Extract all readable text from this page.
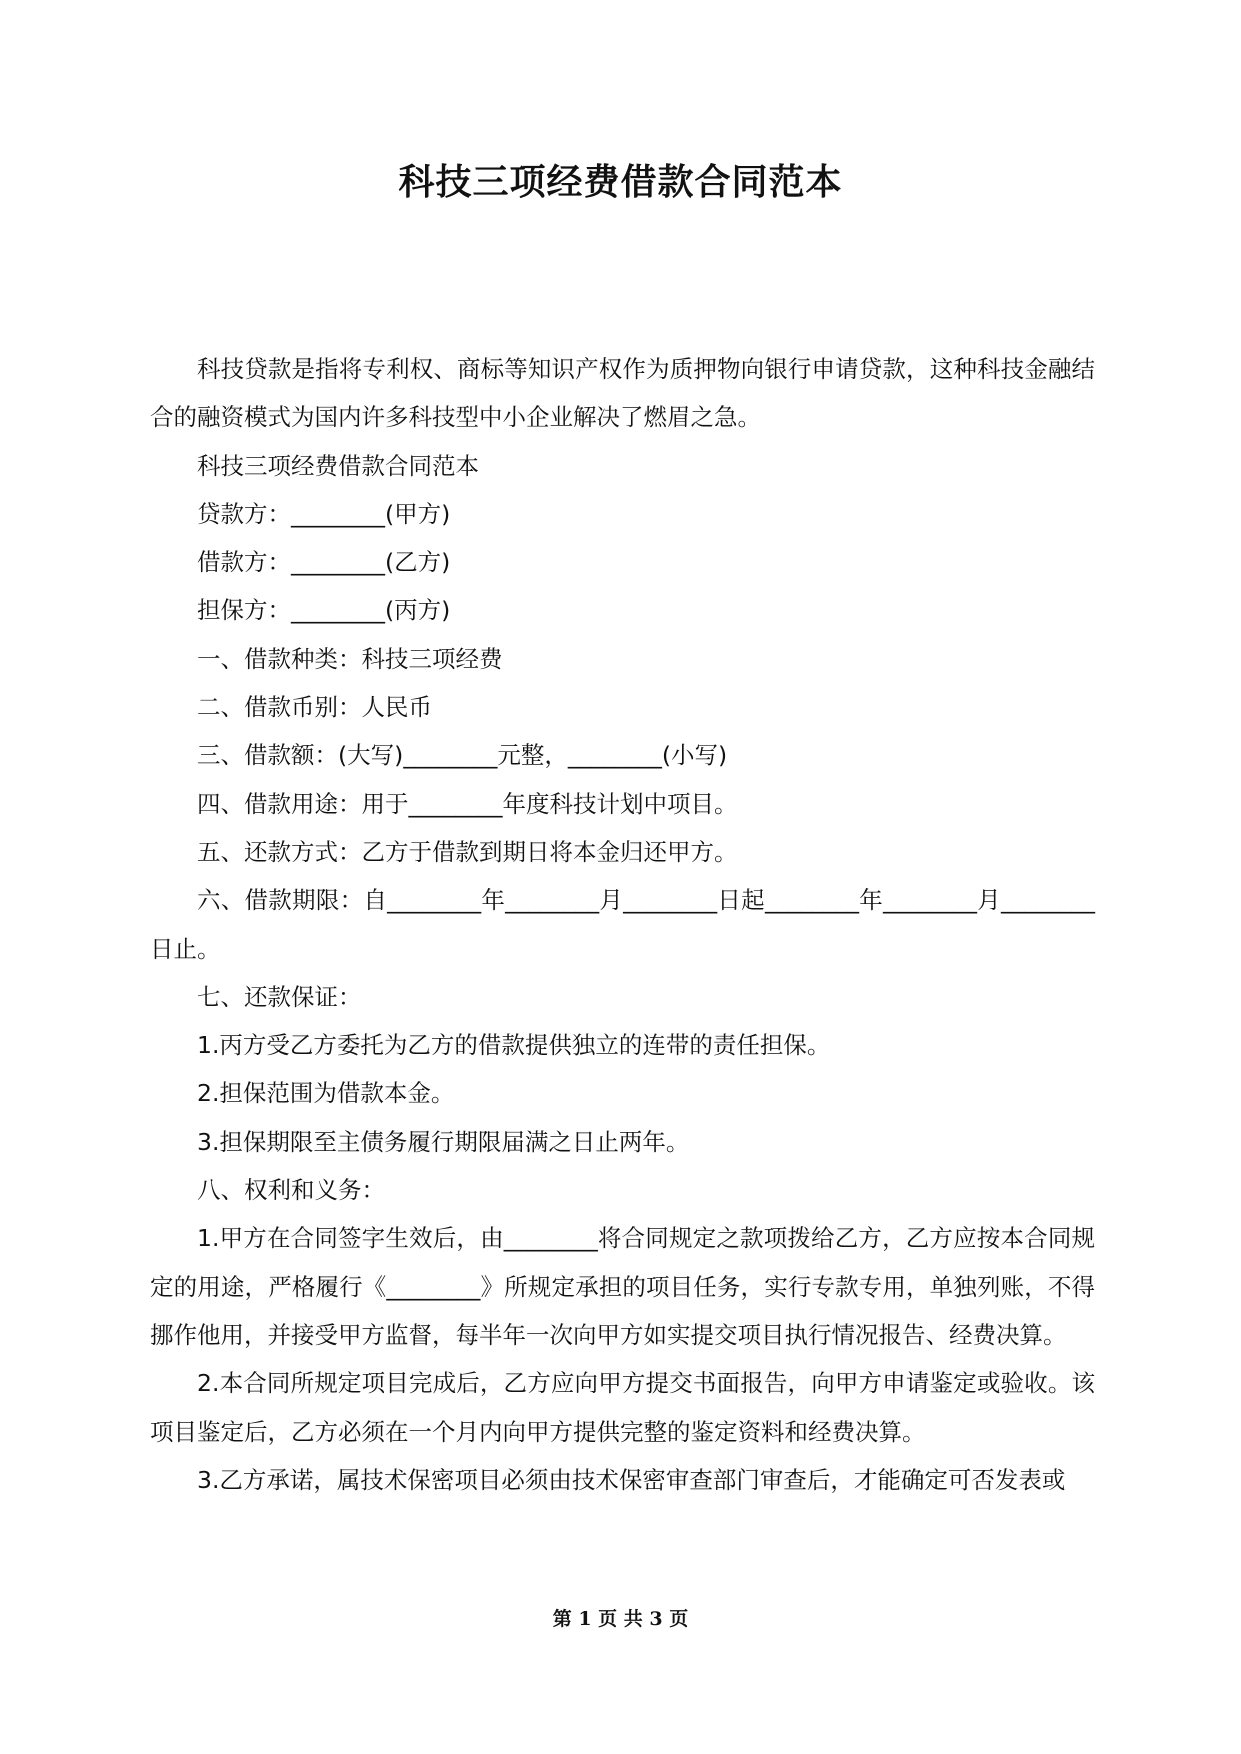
科技三项经费借款合同范本

科技贷款是指将专利权、商标等知识产权作为质押物向银行申请贷款，这种科技金融结合的融资模式为国内许多科技型中小企业解决了燃眉之急。

科技三项经费借款合同范本

贷款方：________(甲方)

借款方：________(乙方)

担保方：________(丙方)

一、借款种类：科技三项经费

二、借款币别：人民币

三、借款额：(大写)________元整，________(小写)

四、借款用途：用于________年度科技计划中项目。

五、还款方式：乙方于借款到期日将本金归还甲方。

六、借款期限：自________年________月________日起________年________月________日止。

七、还款保证：

1.丙方受乙方委托为乙方的借款提供独立的连带的责任担保。

2.担保范围为借款本金。

3.担保期限至主债务履行期限届满之日止两年。

八、权利和义务：

1.甲方在合同签字生效后，由________将合同规定之款项拨给乙方，乙方应按本合同规定的用途，严格履行《________》所规定承担的项目任务，实行专款专用，单独列账，不得挪作他用，并接受甲方监督，每半年一次向甲方如实提交项目执行情况报告、经费决算。

2.本合同所规定项目完成后，乙方应向甲方提交书面报告，向甲方申请鉴定或验收。该项目鉴定后，乙方必须在一个月内向甲方提供完整的鉴定资料和经费决算。

3.乙方承诺，属技术保密项目必须由技术保密审查部门审查后，才能确定可否发表或

第 1 页 共 3 页
